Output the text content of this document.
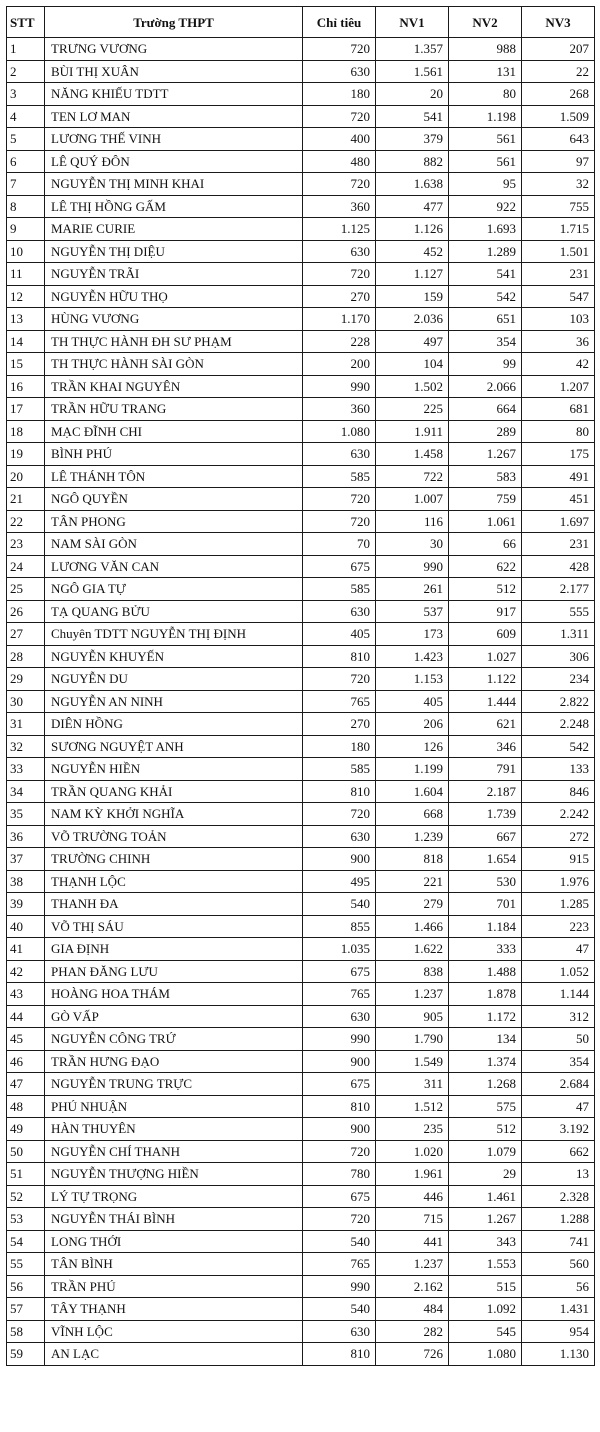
STT	Trường THPT	Chỉ tiêu	NV1	NV2	NV3
1	TRƯNG VƯƠNG	720	1.357	988	207
2	BÙI THỊ XUÂN	630	1.561	131	22
3	NĂNG KHIẾU TDTT	180	20	80	268
4	TEN LƠ MAN	720	541	1.198	1.509
5	LƯƠNG THẾ VINH	400	379	561	643
6	LÊ QUÝ ĐÔN	480	882	561	97
7	NGUYỄN THỊ MINH KHAI	720	1.638	95	32
8	LÊ THỊ HỒNG GẤM	360	477	922	755
9	MARIE CURIE	1.125	1.126	1.693	1.715
10	NGUYỄN THỊ DIỆU	630	452	1.289	1.501
11	NGUYỄN TRÃI	720	1.127	541	231
12	NGUYỄN HỮU THỌ	270	159	542	547
13	HÙNG VƯƠNG	1.170	2.036	651	103
14	TH THỰC HÀNH ĐH SƯ PHẠM	228	497	354	36
15	TH THỰC HÀNH SÀI GÒN	200	104	99	42
16	TRẦN KHAI NGUYÊN	990	1.502	2.066	1.207
17	TRẦN HỮU TRANG	360	225	664	681
18	MẠC ĐĨNH CHI	1.080	1.911	289	80
19	BÌNH PHÚ	630	1.458	1.267	175
20	LÊ THÁNH TÔN	585	722	583	491
21	NGÔ QUYỀN	720	1.007	759	451
22	TÂN PHONG	720	116	1.061	1.697
23	NAM SÀI GÒN	70	30	66	231
24	LƯƠNG VĂN CAN	675	990	622	428
25	NGÔ GIA TỰ	585	261	512	2.177
26	TẠ QUANG BỬU	630	537	917	555
27	Chuyên TDTT NGUYỄN THỊ ĐỊNH	405	173	609	1.311
28	NGUYỄN KHUYẾN	810	1.423	1.027	306
29	NGUYỄN DU	720	1.153	1.122	234
30	NGUYỄN AN NINH	765	405	1.444	2.822
31	DIÊN HỒNG	270	206	621	2.248
32	SƯƠNG NGUYỆT ANH	180	126	346	542
33	NGUYỄN HIỀN	585	1.199	791	133
34	TRẦN QUANG KHẢI	810	1.604	2.187	846
35	NAM KỲ KHỞI NGHĨA	720	668	1.739	2.242
36	VÕ TRƯỜNG TOẢN	630	1.239	667	272
37	TRƯỜNG CHINH	900	818	1.654	915
38	THẠNH LỘC	495	221	530	1.976
39	THANH ĐA	540	279	701	1.285
40	VÕ THỊ SÁU	855	1.466	1.184	223
41	GIA ĐỊNH	1.035	1.622	333	47
42	PHAN ĐĂNG LƯU	675	838	1.488	1.052
43	HOÀNG HOA THÁM	765	1.237	1.878	1.144
44	GÒ VẤP	630	905	1.172	312
45	NGUYỄN CÔNG TRỨ	990	1.790	134	50
46	TRẦN HƯNG ĐẠO	900	1.549	1.374	354
47	NGUYỄN TRUNG TRỰC	675	311	1.268	2.684
48	PHÚ NHUẬN	810	1.512	575	47
49	HÀN THUYÊN	900	235	512	3.192
50	NGUYỄN CHÍ THANH	720	1.020	1.079	662
51	NGUYỄN THƯỢNG HIỀN	780	1.961	29	13
52	LÝ TỰ TRỌNG	675	446	1.461	2.328
53	NGUYỄN THÁI BÌNH	720	715	1.267	1.288
54	LONG THỚI	540	441	343	741
55	TÂN BÌNH	765	1.237	1.553	560
56	TRẦN PHÚ	990	2.162	515	56
57	TÂY THẠNH	540	484	1.092	1.431
58	VĨNH LỘC	630	282	545	954
59	AN LẠC	810	726	1.080	1.130
